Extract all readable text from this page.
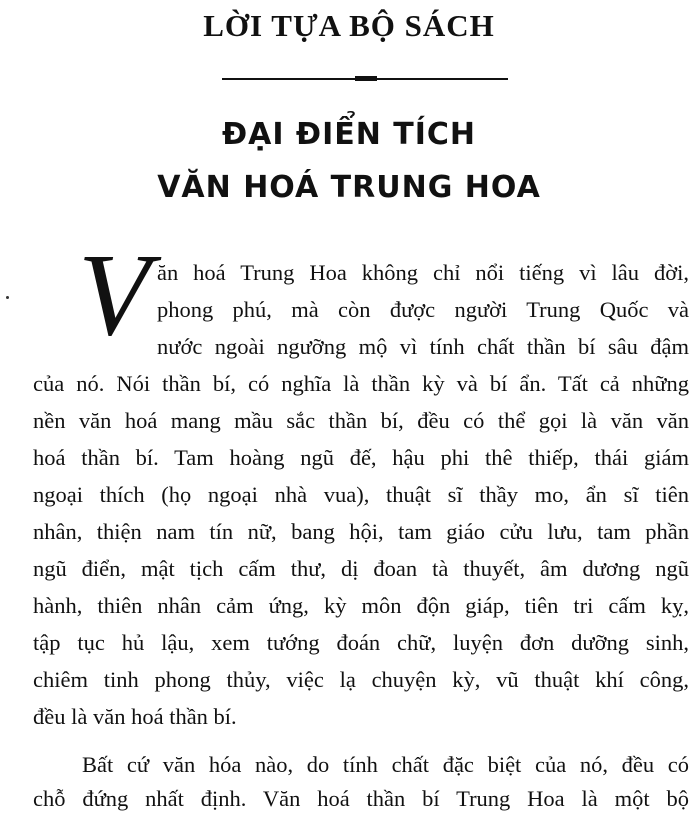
LỜI TỰA BỘ SÁCH
ĐẠI ĐIỂN TÍCH
VĂN HOÁ TRUNG HOA
V ăn hoá Trung Hoa không chỉ nổi tiếng vì lâu đời,
phong phú, mà còn được người Trung Quốc và
nước ngoài ngưỡng mộ vì tính chất thần bí sâu đậm
của nó. Nói thần bí, có nghĩa là thần kỳ và bí ẩn. Tất cả những
nền văn hoá mang mầu sắc thần bí, đều có thể gọi là văn văn
hoá thần bí. Tam hoàng ngũ đế, hậu phi thê thiếp, thái giám
ngoại thích (họ ngoại nhà vua), thuật sĩ thầy mo, ẩn sĩ tiên
nhân, thiện nam tín nữ, bang hội, tam giáo cửu lưu, tam phần
ngũ điển, mật tịch cấm thư, dị đoan tà thuyết, âm dương ngũ
hành, thiên nhân cảm ứng, kỳ môn độn giáp, tiên tri cấm kỵ,
tập tục hủ lậu, xem tướng đoán chữ, luyện đơn dưỡng sinh,
chiêm tinh phong thủy, việc lạ chuyện kỳ, vũ thuật khí công,
đều là văn hoá thần bí.
Bất cứ văn hóa nào, do tính chất đặc biệt của nó, đều có
chỗ đứng nhất định. Văn hoá thần bí Trung Hoa là một bộ
